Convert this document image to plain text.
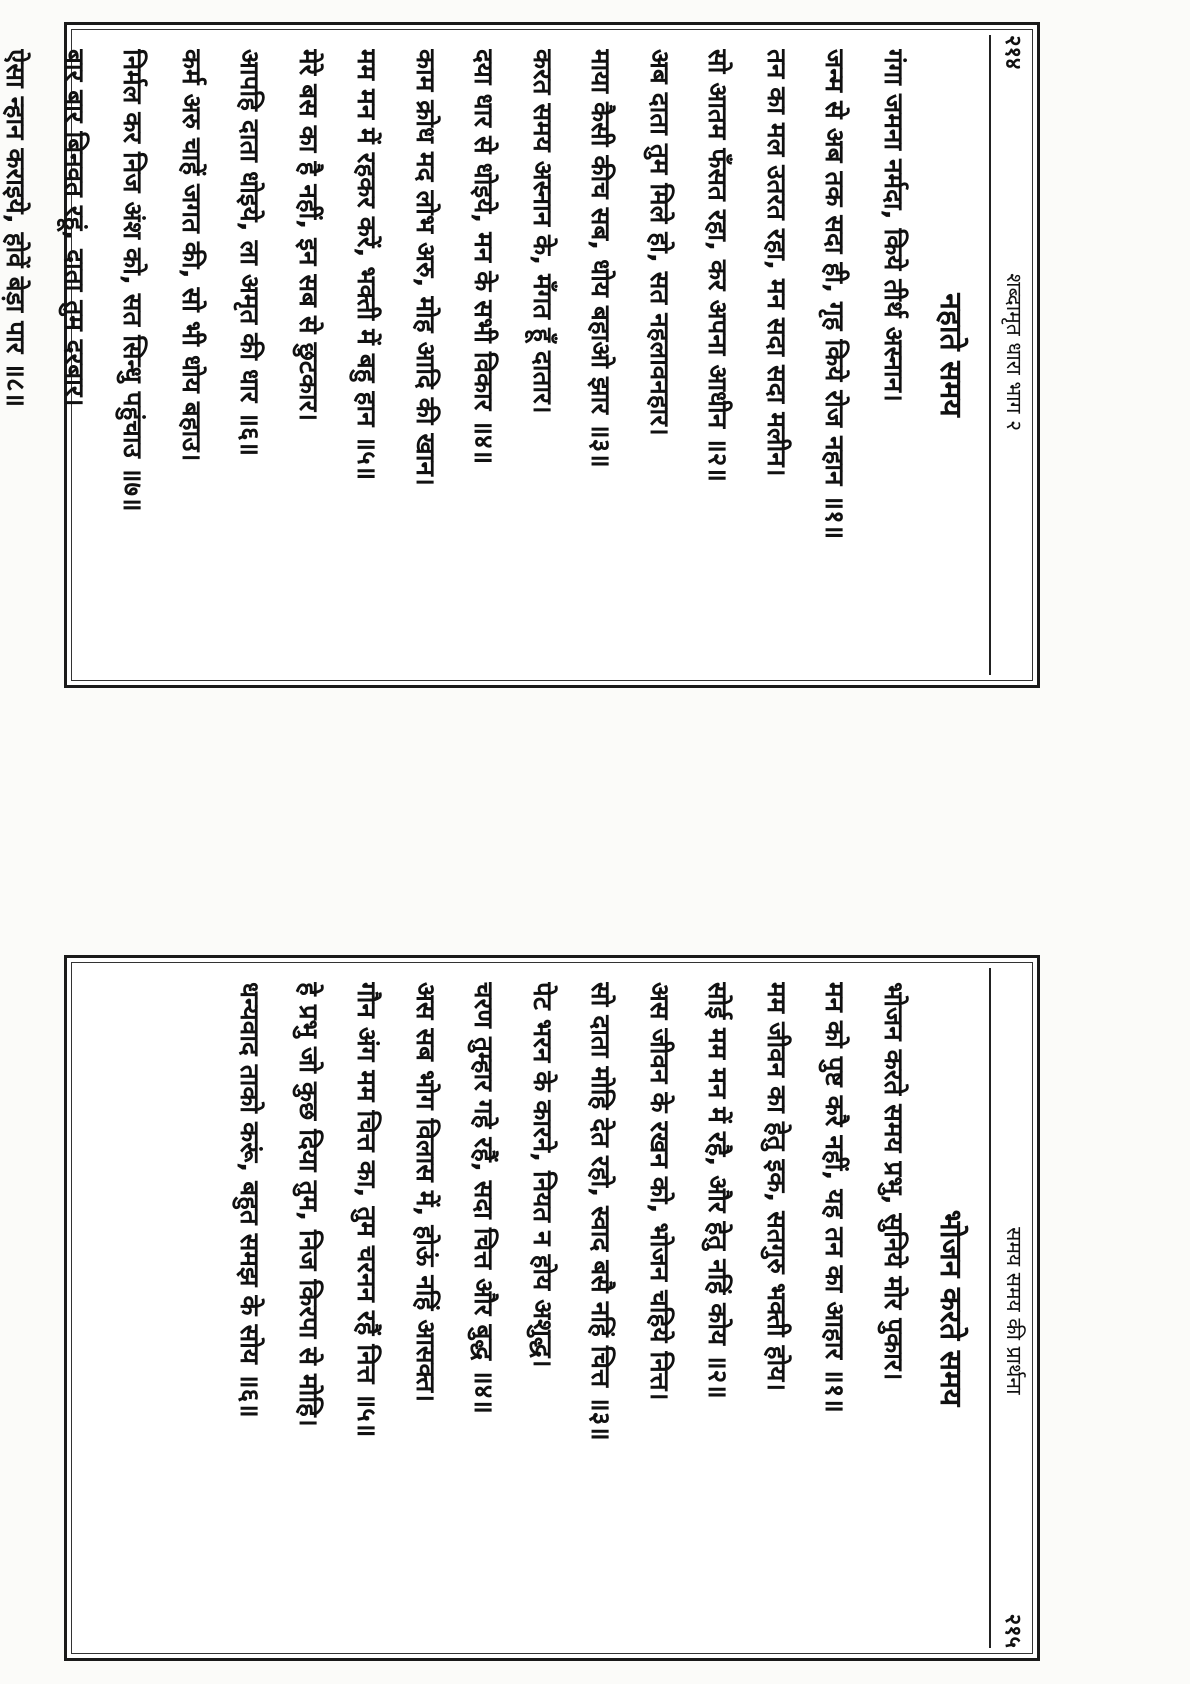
२१४
शब्दामृत धारा भाग २
नहाते समय
गंगा जमना नर्मदा, किये तीर्थ अस्नान।
जन्म से अब तक सदा ही, गृह किये रोज नहान ॥१॥
तन का मल उतरत रहा, मन सदा सदा मलीन।
सो आतम फँसत रहा, कर अपना आधीन ॥२॥
अब दाता तुम मिले हो, सत नहलावनहार।
माया कैसी कीच सब, धोय बहाओ झार ॥३॥
करत समय अस्नान के, मँगत हूँ दातार।
दया धार से धोइये, मन के सभी विकार ॥४॥
काम क्रोध मद लोभ अरु, मोह आदि की खान।
मम मन में रहकर करें, भक्ती में बहु हान ॥५॥
मेरे बस का है नहीं, इन सब से छुटकार।
आपहि दाता धोइये, ला अमृत की धार ॥६॥
कर्म अरु चाहें जगत की, सो भी धोय बहाउ।
निर्मल कर निज अंश को, सत सिन्धु पहुंचाउ ॥७॥
बार बार बिनवत रहूं, दाता तुम दरबार।
ऐसा न्हान कराइये, होवें बेड़ा पार ॥८॥
समय समय की प्रार्थना
२१५
भोजन करते समय
भोजन करते समय प्रभु, सुनिये मोर पुकार।
मन को पुष्ट करै नहीं, यह तन का आहार ॥१॥
मम जीवन का हेतु इक, सतगुरु भक्ती होय।
सोई मम मन में रहै, और हेतु नहिं कोय ॥२॥
अस जीवन के रखन को, भोजन चहिये नित्त।
सो दाता मोहि देत रहो, स्वाद बसै नहिं चित्त ॥३॥
पेट भरन के कारने, नियत न होय अशुद्ध।
चरण तुम्हार गहे रहैं, सदा चित्त और बुद्ध ॥४॥
अस सब भोग विलास में, होऊं नहिं आसक्त।
गौन अंग मम चित्त का, तुम चरनन रहैं नित्त ॥५॥
हे प्रभु जो कुछ दिया तुम, निज किरपा से मोहि।
धन्यवाद ताको करूं, बहुत समझ के सोय ॥६॥
